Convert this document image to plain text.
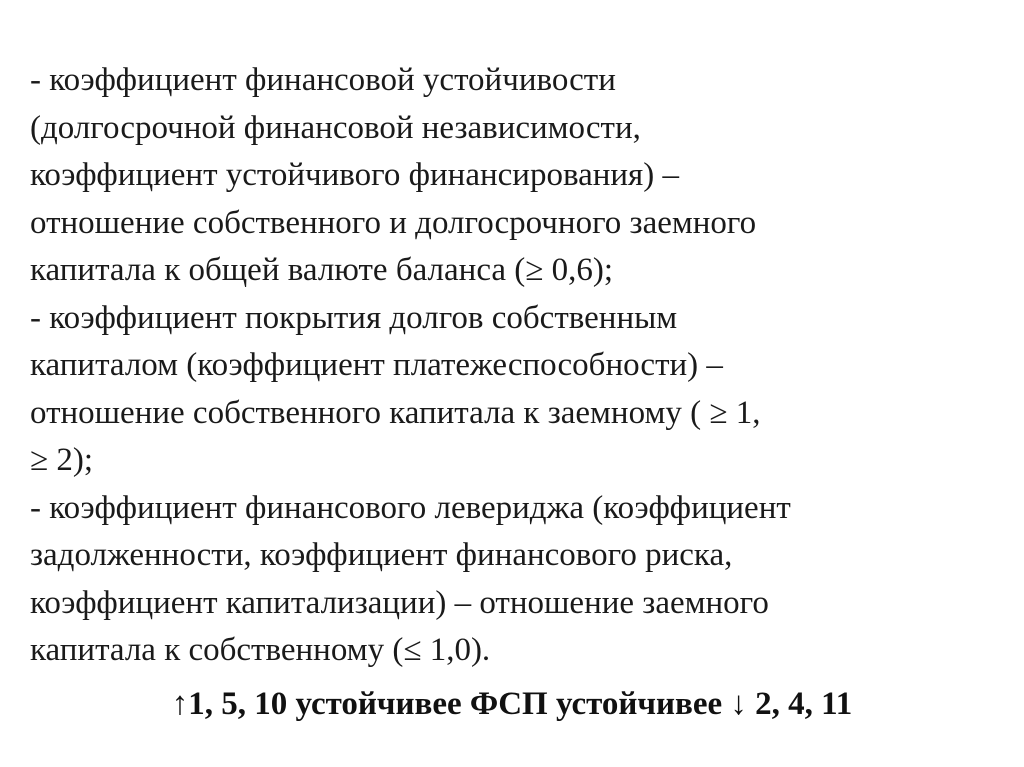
- коэффициент финансовой устойчивости
(долгосрочной финансовой независимости,
коэффициент устойчивого финансирования) –
отношение собственного и долгосрочного заемного
капитала к общей валюте баланса (≥ 0,6);
- коэффициент покрытия долгов собственным
капиталом (коэффициент платежеспособности) –
отношение собственного капитала к заемному ( ≥ 1,
≥ 2);
- коэффициент финансового левериджа (коэффициент
задолженности, коэффициент финансового риска,
коэффициент капитализации) – отношение заемного
капитала к собственному (≤ 1,0).
↑1, 5, 10 устойчивее ФСП устойчивее ↓ 2, 4, 11
